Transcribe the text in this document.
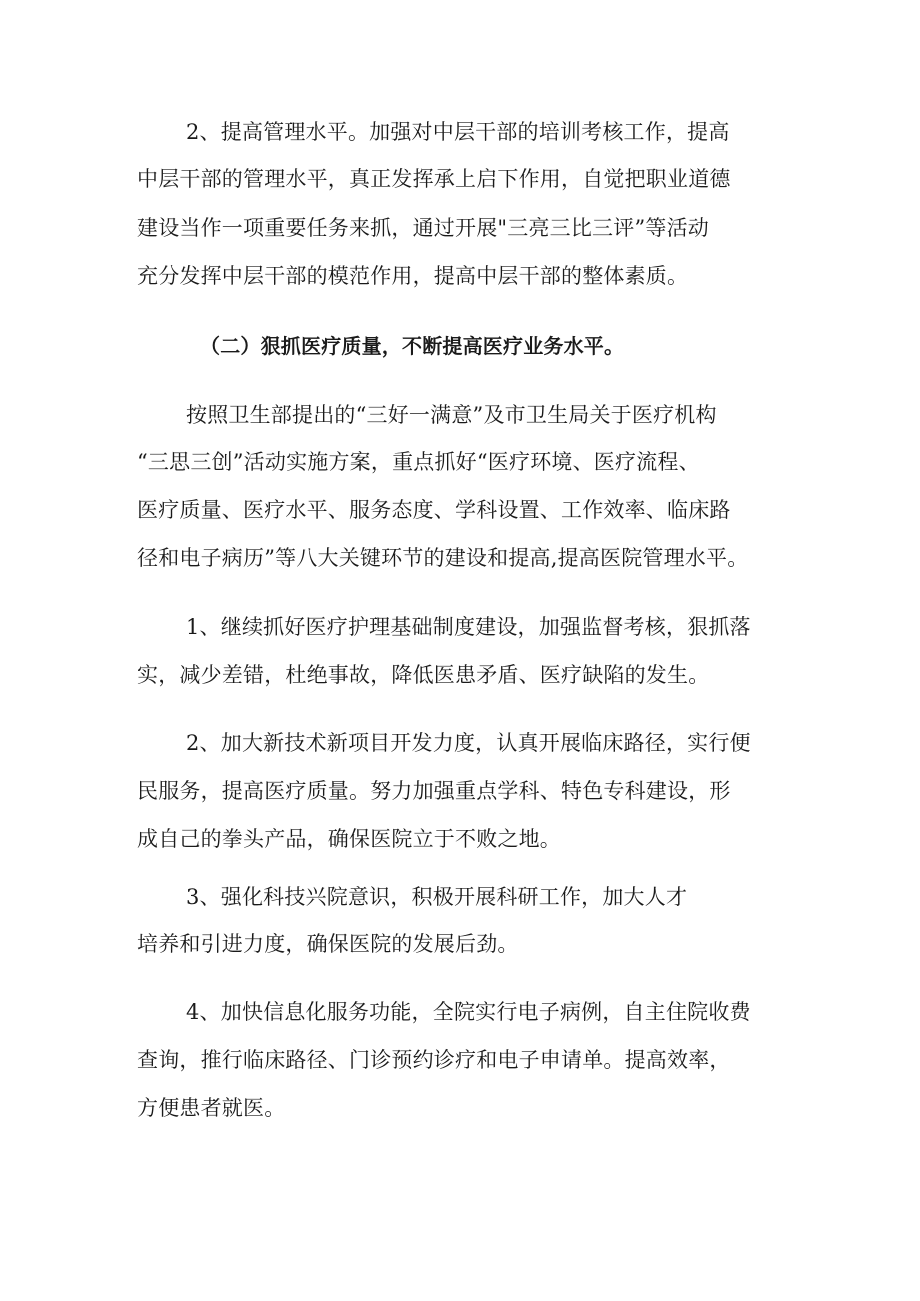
2、提高管理水平。加强对中层干部的培训考核工作，提高
中层干部的管理水平，真正发挥承上启下作用，自觉把职业道德
建设当作一项重要任务来抓，通过开展"三亮三比三评”等活动
充分发挥中层干部的模范作用，提高中层干部的整体素质。
（二）狠抓医疗质量，不断提高医疗业务水平。
按照卫生部提出的“三好一满意”及市卫生局关于医疗机构
“三思三创”活动实施方案，重点抓好“医疗环境、医疗流程、
医疗质量、医疗水平、服务态度、学科设置、工作效率、临床路
径和电子病历”等八大关键环节的建设和提高,提高医院管理水平。
1、继续抓好医疗护理基础制度建设，加强监督考核，狠抓落
实，减少差错，杜绝事故，降低医患矛盾、医疗缺陷的发生。
2、加大新技术新项目开发力度，认真开展临床路径，实行便
民服务，提高医疗质量。努力加强重点学科、特色专科建设，形
成自己的拳头产品，确保医院立于不败之地。
3、强化科技兴院意识，积极开展科研工作，加大人才
培养和引进力度，确保医院的发展后劲。
4、加快信息化服务功能，全院实行电子病例，自主住院收费
查询，推行临床路径、门诊预约诊疗和电子申请单。提高效率，
方便患者就医。
